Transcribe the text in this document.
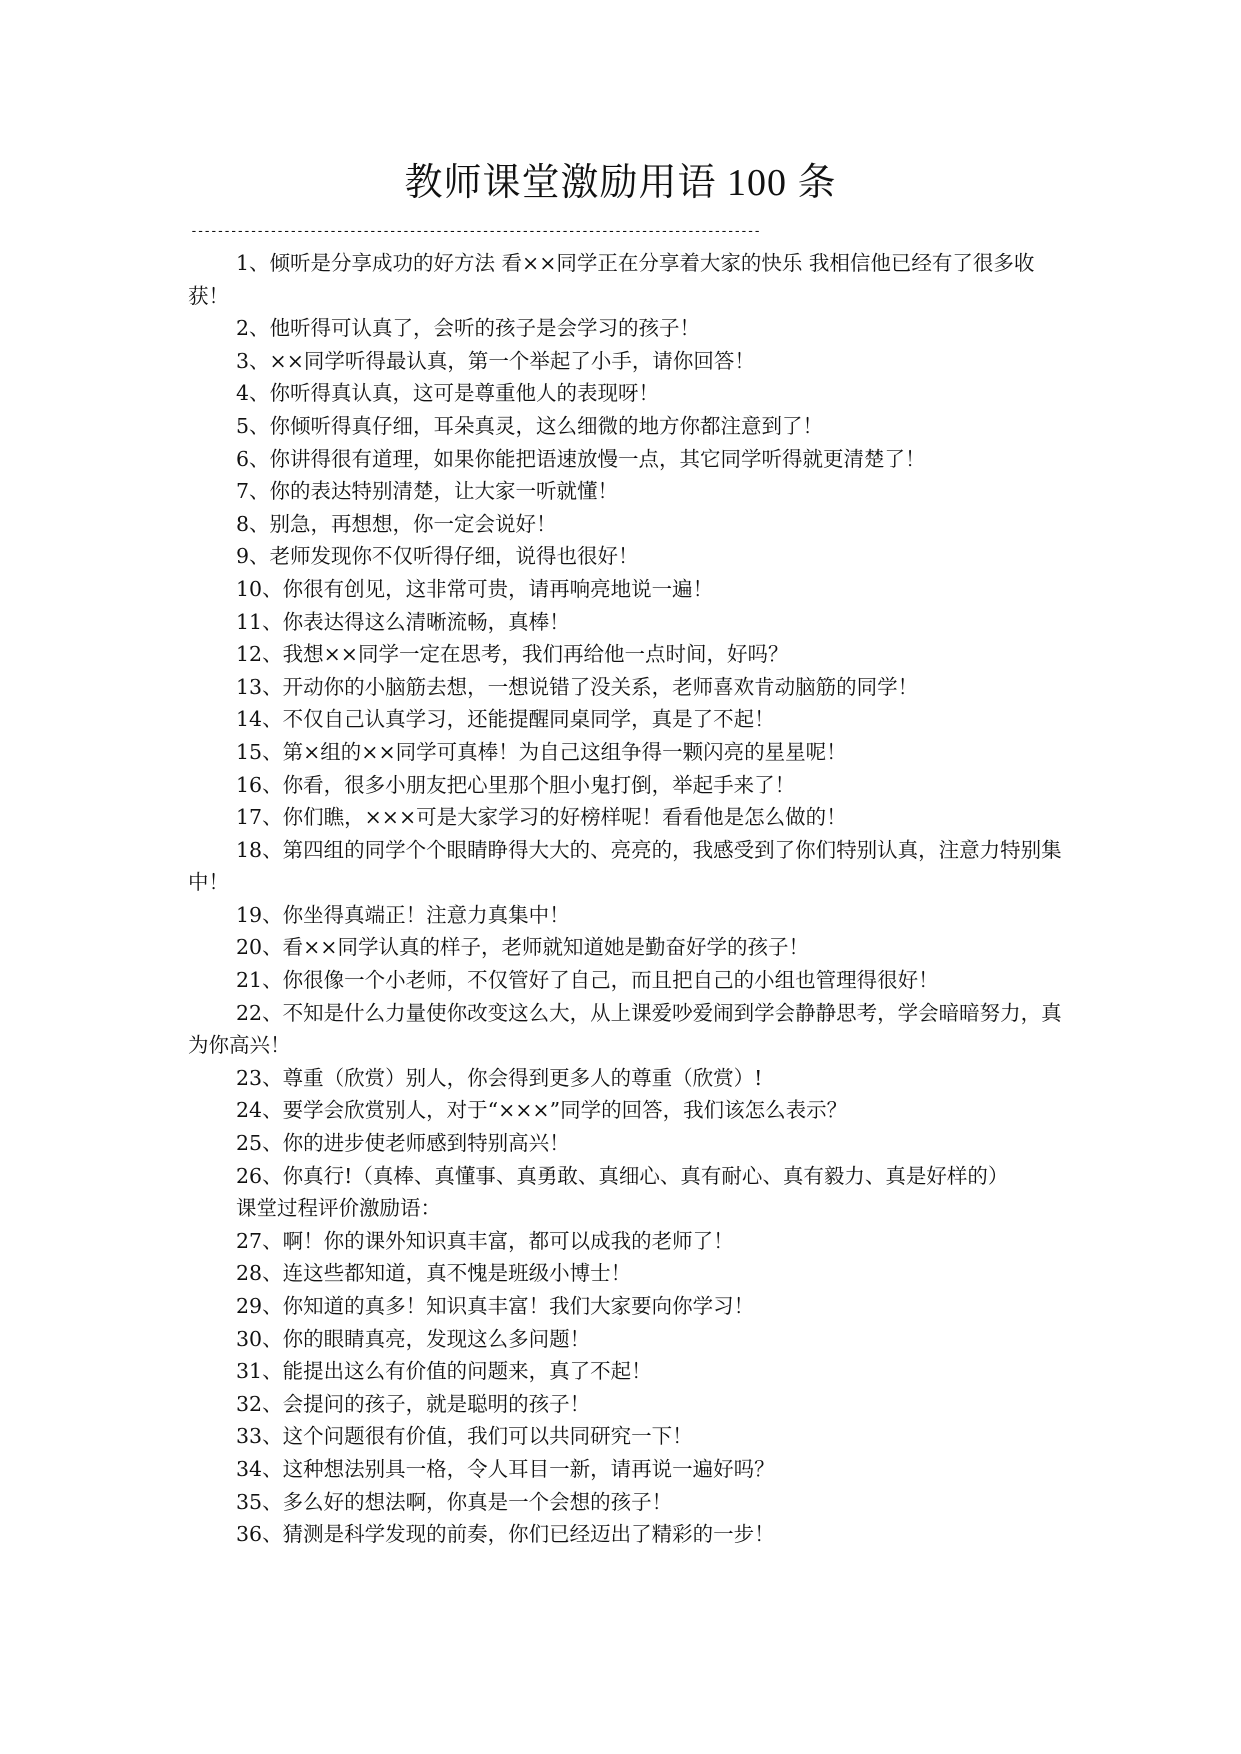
教师课堂激励用语 100 条
--------------------------------------------------------------------------------------

1、倾听是分享成功的好方法 看××同学正在分享着大家的快乐 我相信他已经有了很多收获！

2、他听得可认真了，会听的孩子是会学习的孩子！

3、××同学听得最认真，第一个举起了小手，请你回答！

4、你听得真认真，这可是尊重他人的表现呀！

5、你倾听得真仔细，耳朵真灵，这么细微的地方你都注意到了！

6、你讲得很有道理，如果你能把语速放慢一点，其它同学听得就更清楚了！

7、你的表达特别清楚，让大家一听就懂！

8、别急，再想想，你一定会说好！

9、老师发现你不仅听得仔细，说得也很好！

10、你很有创见，这非常可贵，请再响亮地说一遍！

11、你表达得这么清晰流畅，真棒！

12、我想××同学一定在思考，我们再给他一点时间，好吗？

13、开动你的小脑筋去想，一想说错了没关系，老师喜欢肯动脑筋的同学！

14、不仅自己认真学习，还能提醒同桌同学，真是了不起！

15、第×组的××同学可真棒！为自己这组争得一颗闪亮的星星呢！

16、你看，很多小朋友把心里那个胆小鬼打倒，举起手来了！

17、你们瞧，×××可是大家学习的好榜样呢！看看他是怎么做的！

18、第四组的同学个个眼睛睁得大大的、亮亮的，我感受到了你们特别认真，注意力特别集中！

19、你坐得真端正！注意力真集中！

20、看××同学认真的样子，老师就知道她是勤奋好学的孩子！

21、你很像一个小老师，不仅管好了自己，而且把自己的小组也管理得很好！

22、不知是什么力量使你改变这么大，从上课爱吵爱闹到学会静静思考，学会暗暗努力，真为你高兴！

23、尊重（欣赏）别人，你会得到更多人的尊重（欣赏）!

24、要学会欣赏别人，对于“×××”同学的回答，我们该怎么表示？

25、你的进步使老师感到特别高兴！

26、你真行!（真棒、真懂事、真勇敢、真细心、真有耐心、真有毅力、真是好样的）

课堂过程评价激励语：

27、啊！你的课外知识真丰富，都可以成我的老师了！

28、连这些都知道，真不愧是班级小博士！

29、你知道的真多！知识真丰富！我们大家要向你学习！

30、你的眼睛真亮，发现这么多问题！

31、能提出这么有价值的问题来，真了不起！

32、会提问的孩子，就是聪明的孩子！

33、这个问题很有价值，我们可以共同研究一下！

34、这种想法别具一格，令人耳目一新，请再说一遍好吗？

35、多么好的想法啊，你真是一个会想的孩子！

36、猜测是科学发现的前奏，你们已经迈出了精彩的一步！
